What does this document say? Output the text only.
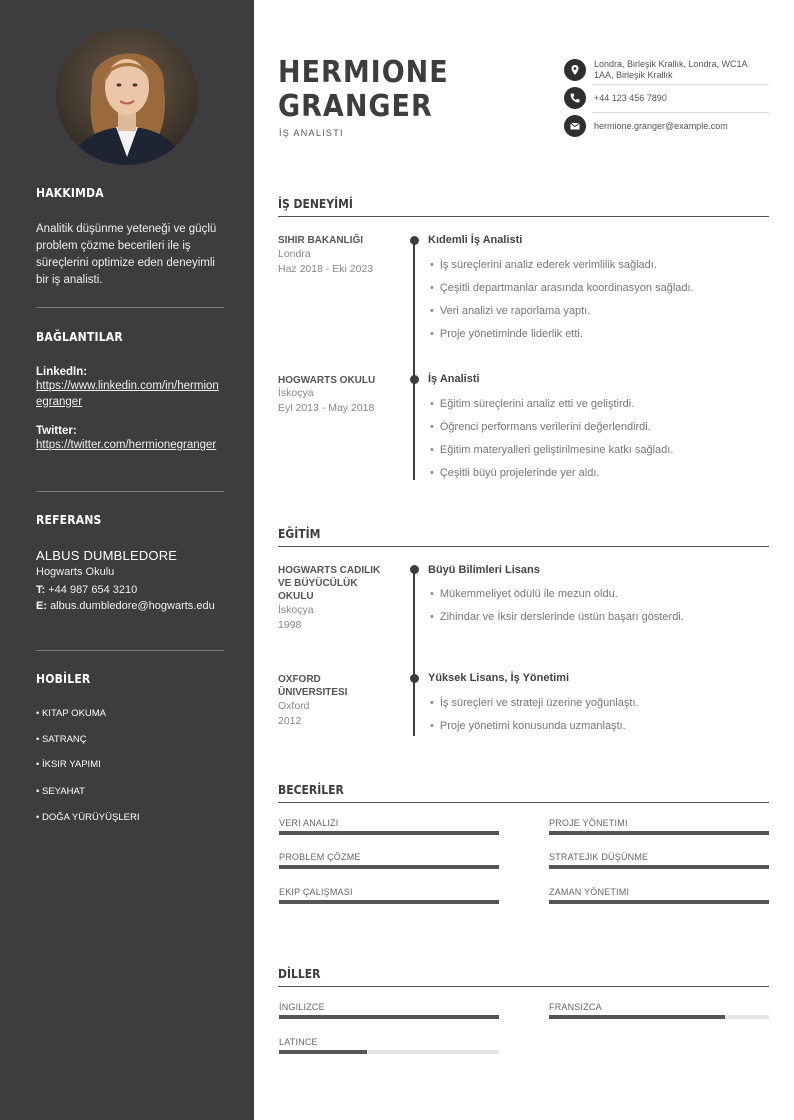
HAKKIMDA
Analitik düşünme yeteneği ve güçlü problem çözme becerileri ile iş süreçlerini optimize eden deneyimli bir iş analisti.
BAĞLANTILAR
LinkedIn:
https://www.linkedin.com/in/hermionegranger
Twitter:
https://twitter.com/hermionegranger
REFERANS
ALBUS DUMBLEDORE
Hogwarts Okulu
T: +44 987 654 3210
E: albus.dumbledore@hogwarts.edu
HOBİLER
• KITAP OKUMA
• SATRANÇ
• İKSIR YAPIMI
• SEYAHAT
• DOĞA YÜRÜYÜŞLERI
HERMIONE
GRANGER
İŞ ANALISTI
Londra, Birleşik Krallık, Londra, WC1A
1AA, Birleşik Krallık
+44 123 456 7890
hermione.granger@example.com
İŞ DENEYİMİ
SIHIR BAKANLIĞI
Londra
Haz 2018 - Eki 2023
Kıdemli İş Analisti
• İş süreçlerini analiz ederek verimlilik sağladı.
• Çeşitli departmanlar arasında koordinasyon sağladı.
• Veri analizi ve raporlama yaptı.
• Proje yönetiminde liderlik etti.
HOGWARTS OKULU
İskoçya
Eyl 2013 - May 2018
İş Analisti
• Eğitim süreçlerini analiz etti ve geliştirdi.
• Öğrenci performans verilerini değerlendirdi.
• Eğitim materyalleri geliştirilmesine katkı sağladı.
• Çeşitli büyü projelerinde yer aldı.
EĞİTİM
HOGWARTS CADILIK
VE BÜYÜCÜLÜK
OKULU
İskoçya
1998
Büyü Bilimleri Lisans
• Mükemmeliyet ödülü ile mezun oldu.
• Zihindar ve İksir derslerinde üstün başarı gösterdi.
OXFORD
ÜNIVERSITESI
Oxford
2012
Yüksek Lisans, İş Yönetimi
• İş süreçleri ve strateji üzerine yoğunlaştı.
• Proje yönetimi konusunda uzmanlaştı.
BECERİLER
VERI ANALIZI	PROJE YÖNETIMI
PROBLEM ÇÖZME	STRATEJIK DÜŞÜNME
EKIP ÇALIŞMASI	ZAMAN YÖNETIMI
DİLLER
İNGILIZCE	FRANSIZCA
LATINCE
